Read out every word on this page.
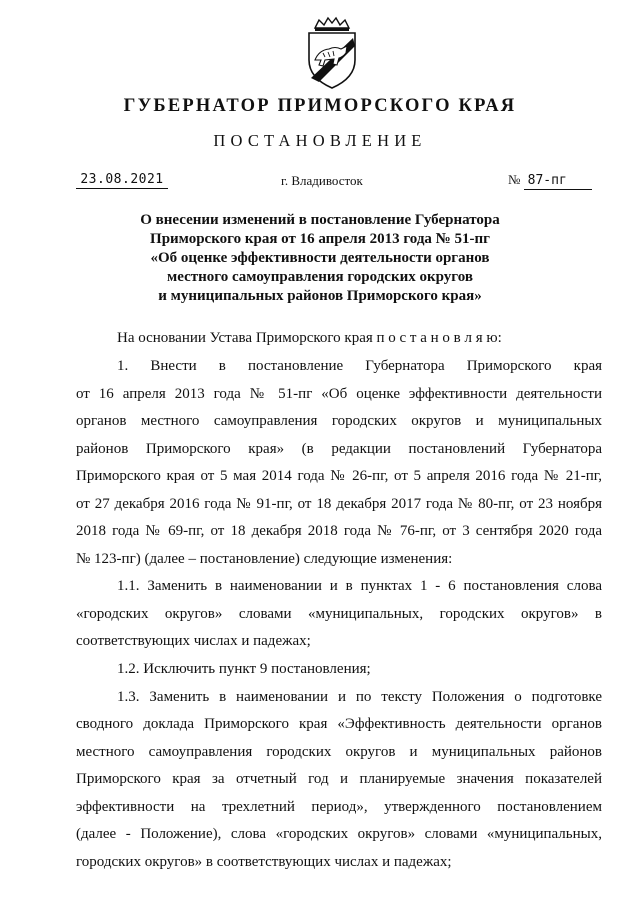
ГУБЕРНАТОР ПРИМОРСКОГО КРАЯ
ПОСТАНОВЛЕНИЕ
23.08.2021	г. Владивосток	№ 87-пг
О внесении изменений в постановление Губернатора
Приморского края от 16 апреля 2013 года № 51-пг
«Об оценке эффективности деятельности органов
местного самоуправления городских округов
и муниципальных районов Приморского края»
На основании Устава Приморского края п о с т а н о в л я ю:
1. Внести в постановление Губернатора Приморского края
от 16 апреля 2013 года № 51-пг «Об оценке эффективности деятельности
органов местного самоуправления городских округов и муниципальных
районов Приморского края» (в редакции постановлений Губернатора
Приморского края от 5 мая 2014 года № 26-пг, от 5 апреля 2016 года № 21-пг,
от 27 декабря 2016 года № 91-пг, от 18 декабря 2017 года № 80-пг, от 23 ноября
2018 года № 69-пг, от 18 декабря 2018 года № 76-пг, от 3 сентября 2020 года
№ 123-пг) (далее – постановление) следующие изменения:
1.1. Заменить в наименовании и в пунктах 1 - 6 постановления слова
«городских округов» словами «муниципальных, городских округов» в
соответствующих числах и падежах;
1.2. Исключить пункт 9 постановления;
1.3. Заменить в наименовании и по тексту Положения о подготовке
сводного доклада Приморского края «Эффективность деятельности органов
местного самоуправления городских округов и муниципальных районов
Приморского края за отчетный год и планируемые значения показателей
эффективности на трехлетний период», утвержденного постановлением
(далее - Положение), слова «городских округов» словами «муниципальных,
городских округов» в соответствующих числах и падежах;
